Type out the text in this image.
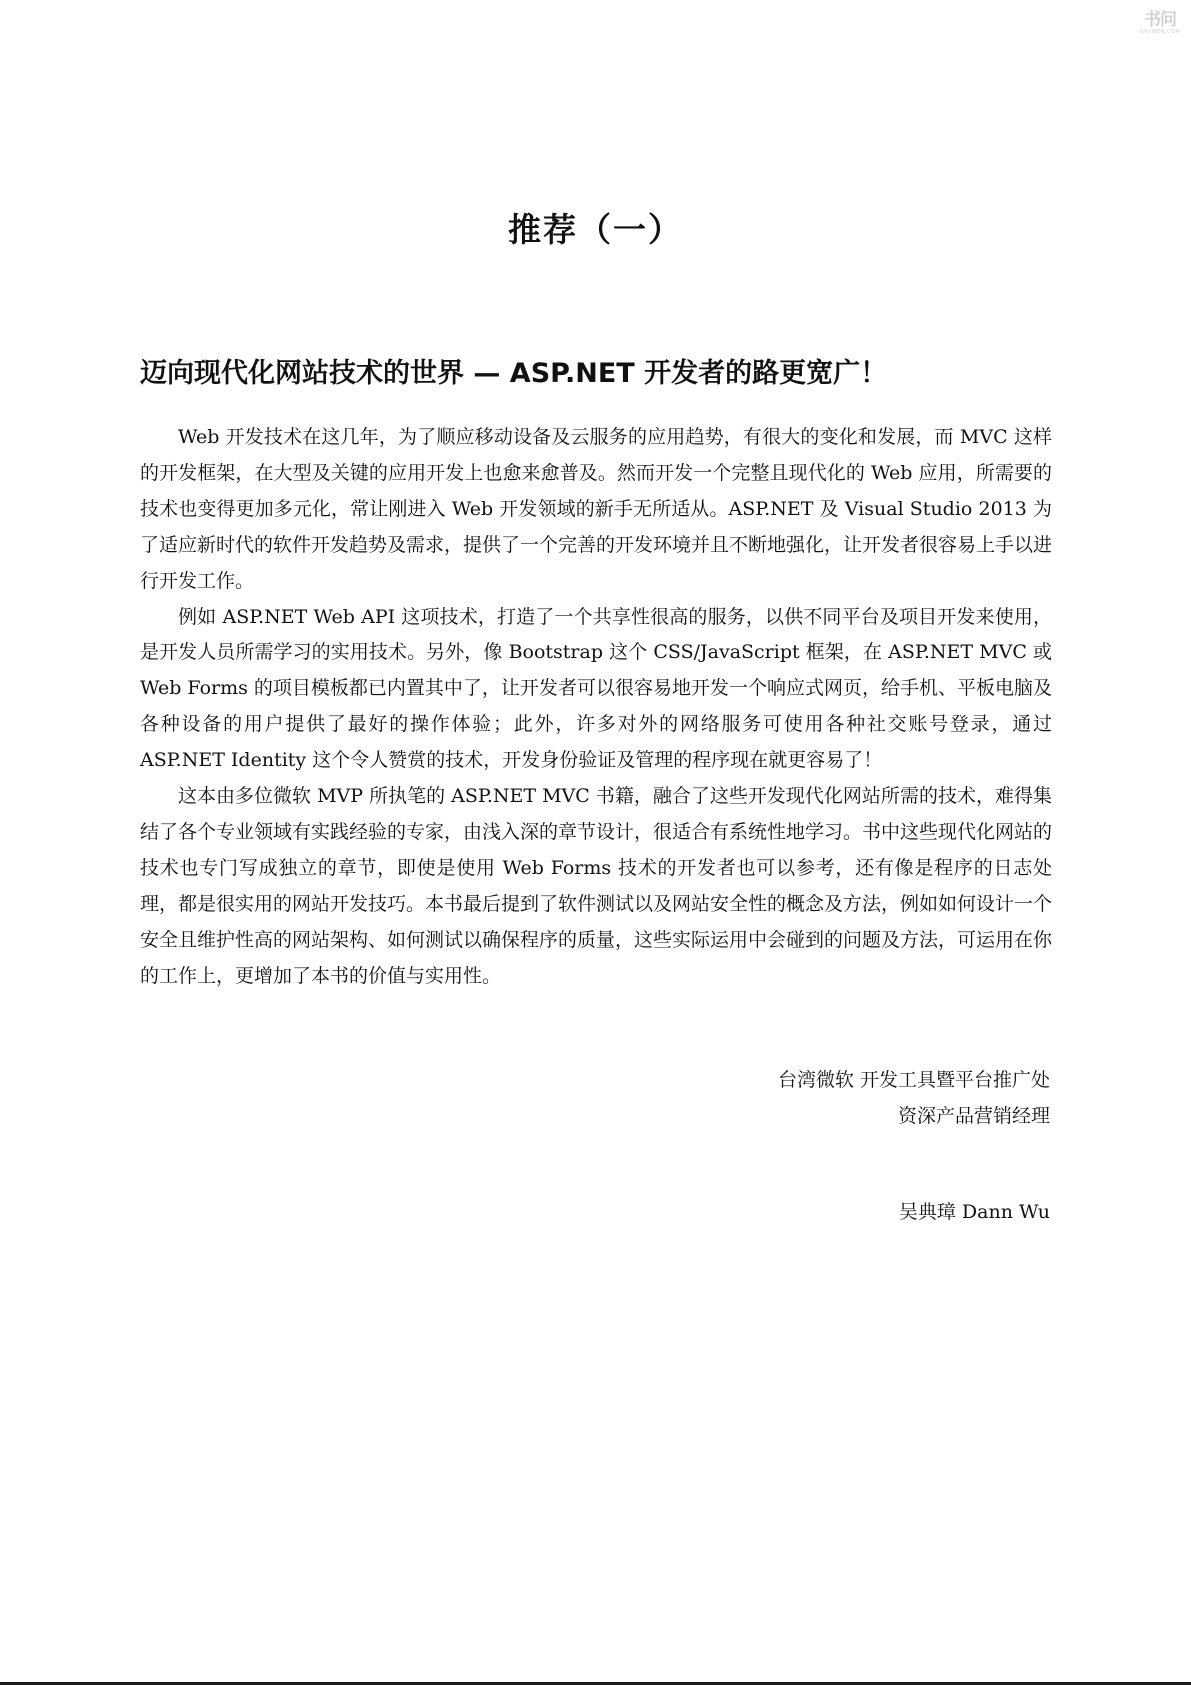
书问
SHUWEN.COM
推荐（一）
迈向现代化网站技术的世界 — ASP.NET 开发者的路更宽广！

Web 开发技术在这几年，为了顺应移动设备及云服务的应用趋势，有很大的变化和发展，而 MVC 这样的开发框架，在大型及关键的应用开发上也愈来愈普及。然而开发一个完整且现代化的 Web 应用，所需要的技术也变得更加多元化，常让刚进入 Web 开发领域的新手无所适从。ASP.NET 及 Visual Studio 2013 为了适应新时代的软件开发趋势及需求，提供了一个完善的开发环境并且不断地强化，让开发者很容易上手以进行开发工作。

例如 ASP.NET Web API 这项技术，打造了一个共享性很高的服务，以供不同平台及项目开发来使用，是开发人员所需学习的实用技术。另外，像 Bootstrap 这个 CSS/JavaScript 框架，在 ASP.NET MVC 或 Web Forms 的项目模板都已内置其中了，让开发者可以很容易地开发一个响应式网页，给手机、平板电脑及各种设备的用户提供了最好的操作体验；此外，许多对外的网络服务可使用各种社交账号登录，通过 ASP.NET Identity 这个令人赞赏的技术，开发身份验证及管理的程序现在就更容易了！

这本由多位微软 MVP 所执笔的 ASP.NET MVC 书籍，融合了这些开发现代化网站所需的技术，难得集结了各个专业领域有实践经验的专家，由浅入深的章节设计，很适合有系统性地学习。书中这些现代化网站的技术也专门写成独立的章节，即使是使用 Web Forms 技术的开发者也可以参考，还有像是程序的日志处理，都是很实用的网站开发技巧。本书最后提到了软件测试以及网站安全性的概念及方法，例如如何设计一个安全且维护性高的网站架构、如何测试以确保程序的质量，这些实际运用中会碰到的问题及方法，可运用在你的工作上，更增加了本书的价值与实用性。

台湾微软 开发工具暨平台推广处
资深产品营销经理
吴典璋 Dann Wu
